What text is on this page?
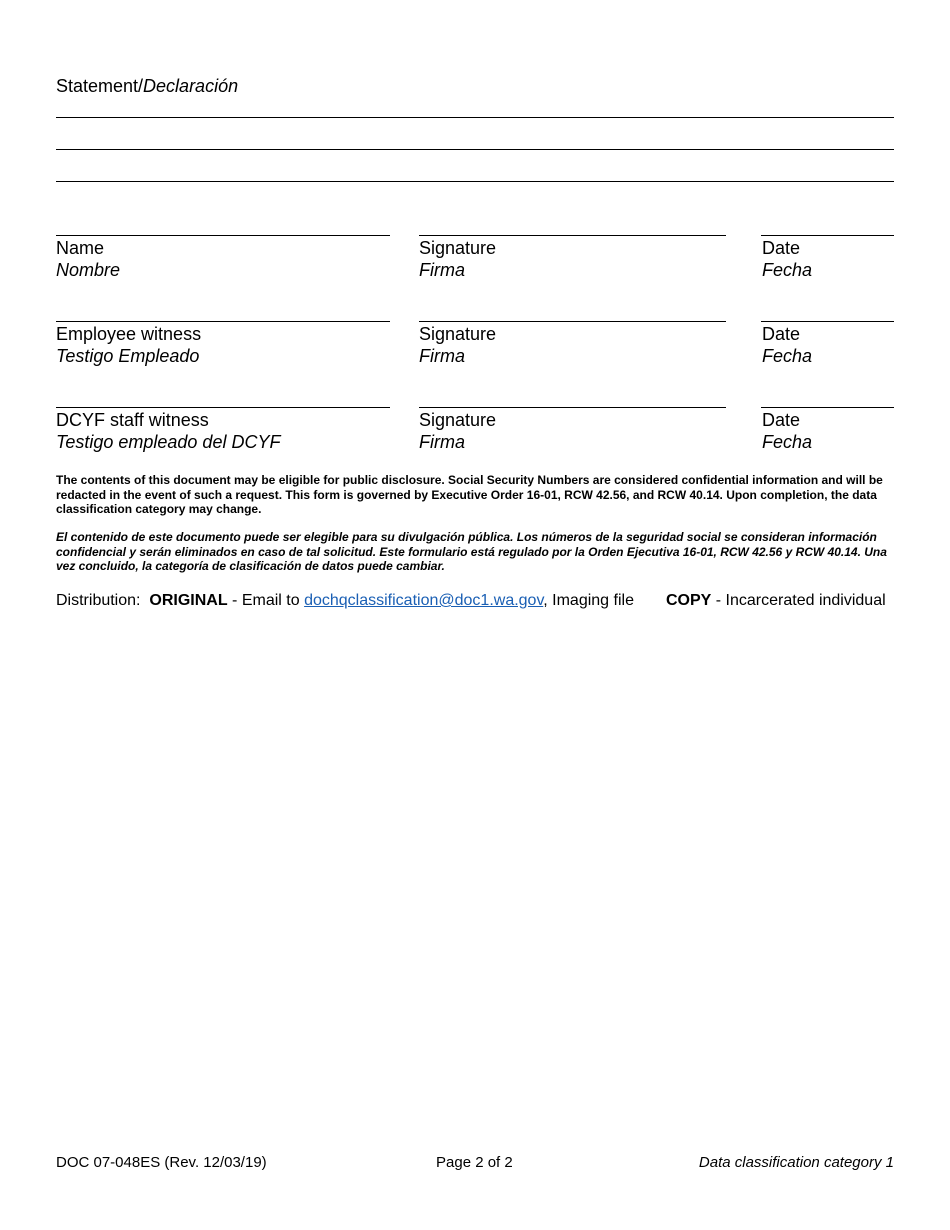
Statement/Declaración
Name
Nombre
Signature
Firma
Date
Fecha
Employee witness
Testigo Empleado
Signature
Firma
Date
Fecha
DCYF staff witness
Testigo empleado del DCYF
Signature
Firma
Date
Fecha
The contents of this document may be eligible for public disclosure. Social Security Numbers are considered confidential information and will be redacted in the event of such a request. This form is governed by Executive Order 16-01, RCW 42.56, and RCW 40.14. Upon completion, the data classification category may change.
El contenido de este documento puede ser elegible para su divulgación pública. Los números de la seguridad social se consideran información confidencial y serán eliminados en caso de tal solicitud. Este formulario está regulado por la Orden Ejecutiva 16-01, RCW 42.56 y RCW 40.14. Una vez concluido, la categoría de clasificación de datos puede cambiar.
Distribution: ORIGINAL - Email to dochqclassification@doc1.wa.gov, Imaging file COPY - Incarcerated individual
DOC 07-048ES (Rev. 12/03/19)	Page 2 of 2	Data classification category 1
